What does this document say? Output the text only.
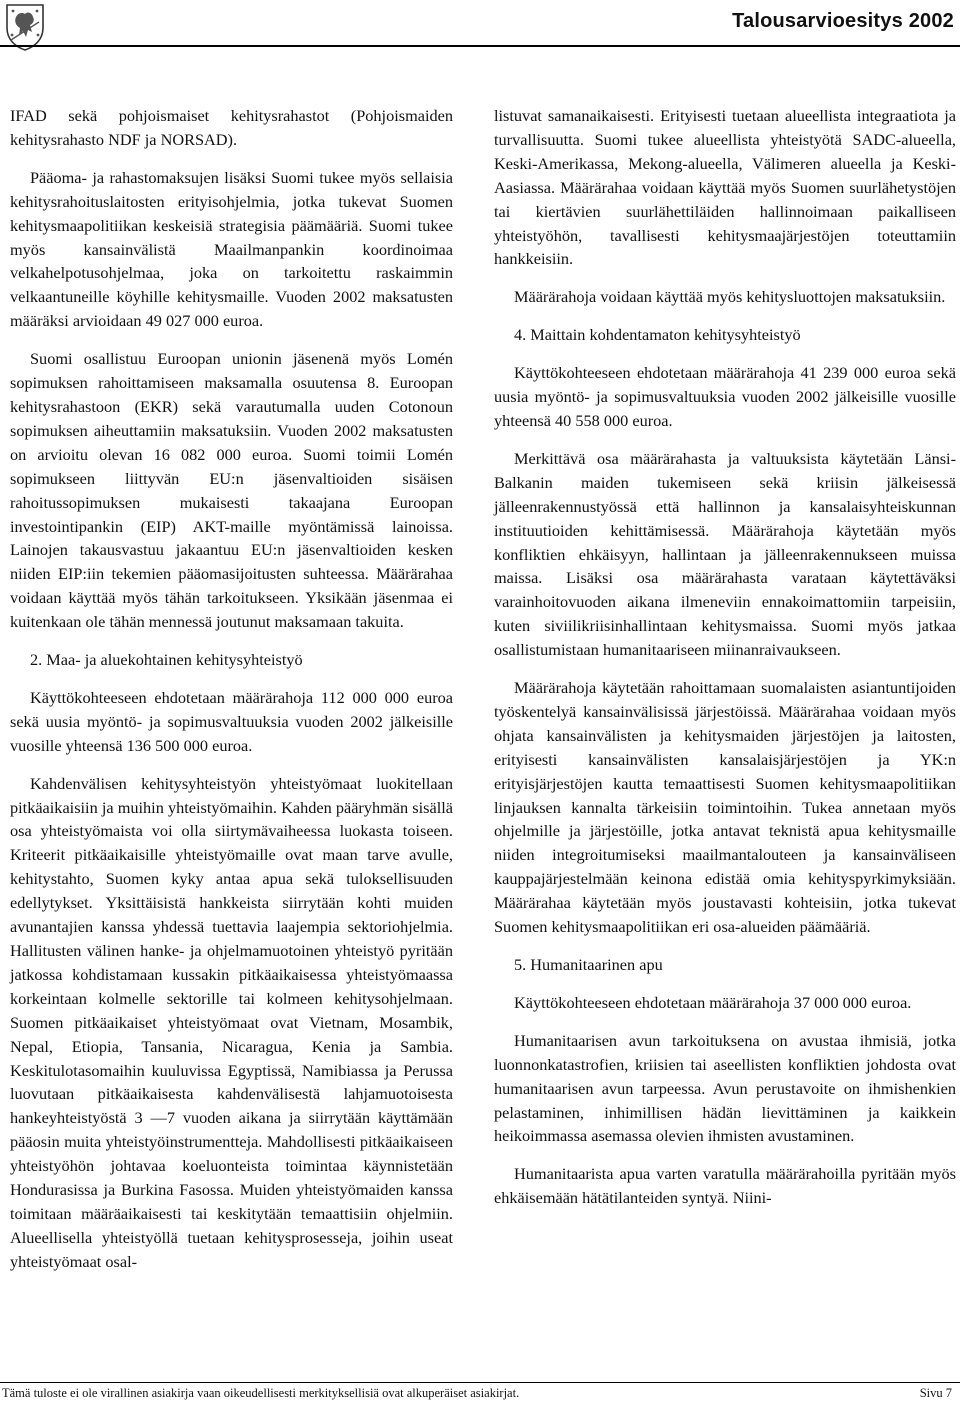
Talousarvioesitys 2002

IFAD sekä pohjoismaiset kehitysrahastot (Pohjoismaiden kehitysrahasto NDF ja NORSAD).

Pääoma- ja rahastomaksujen lisäksi Suomi tukee myös sellaisia kehitysrahoituslaitosten erityisohjelmia, jotka tukevat Suomen kehitysmaapolitiikan keskeisiä strategisia päämääriä. Suomi tukee myös kansainvälistä Maailmanpankin koordinoimaa velkahelpotusohjelmaa, joka on tarkoitettu raskaimmin velkaantuneille köyhille kehitysmaille. Vuoden 2002 maksatusten määräksi arvioidaan 49 027 000 euroa.

Suomi osallistuu Euroopan unionin jäsenenä myös Lomén sopimuksen rahoittamiseen maksamalla osuutensa 8. Euroopan kehitysrahastoon (EKR) sekä varautumalla uuden Cotonoun sopimuksen aiheuttamiin maksatuksiin. Vuoden 2002 maksatusten on arvioitu olevan 16 082 000 euroa. Suomi toimii Lomén sopimukseen liittyvän EU:n jäsenvaltioiden sisäisen rahoitussopimuksen mukaisesti takaajana Euroopan investointipankin (EIP) AKT-maille myöntämissä lainoissa. Lainojen takausvastuu jakaantuu EU:n jäsenvaltioiden kesken niiden EIP:iin tekemien pääomasijoitusten suhteessa. Määrärahaa voidaan käyttää myös tähän tarkoitukseen. Yksikään jäsenmaa ei kuitenkaan ole tähän mennessä joutunut maksamaan takuita.

2. Maa- ja aluekohtainen kehitysyhteistyö

Käyttökohteeseen ehdotetaan määrärahoja 112 000 000 euroa sekä uusia myöntö- ja sopimusvaltuuksia vuoden 2002 jälkeisille vuosille yhteensä 136 500 000 euroa.

Kahdenvälisen kehitysyhteistyön yhteistyömaat luokitellaan pitkäaikaisiin ja muihin yhteistyömaihin. Kahden pääryhmän sisällä osa yhteistyömaista voi olla siirtymävaiheessa luokasta toiseen. Kriteerit pitkäaikaisille yhteistyömaille ovat maan tarve avulle, kehitystahto, Suomen kyky antaa apua sekä tuloksellisuuden edellytykset. Yksittäisistä hankkeista siirrytään kohti muiden avunantajien kanssa yhdessä tuettavia laajempia sektoriohjelmia. Hallitusten välinen hanke- ja ohjelmamuotoinen yhteistyö pyritään jatkossa kohdistamaan kussakin pitkäaikaisessa yhteistyömaassa korkeintaan kolmelle sektorille tai kolmeen kehitysohjelmaan. Suomen pitkäaikaiset yhteistyömaat ovat Vietnam, Mosambik, Nepal, Etiopia, Tansania, Nicaragua, Kenia ja Sambia. Keskitulotasomaihin kuuluvissa Egyptissä, Namibiassa ja Perussa luovutaan pitkäaikaisesta kahdenvälisestä lahjamuotoisesta hankeyhteistyöstä 3 —7 vuoden aikana ja siirrytään käyttämään pääosin muita yhteistyöinstrumentteja. Mahdollisesti pitkäaikaiseen yhteistyöhön johtavaa koeluonteista toimintaa käynnistetään Hondurasissa ja Burkina Fasossa. Muiden yhteistyömaiden kanssa toimitaan määräaikaisesti tai keskitytään temaattisiin ohjelmiin. Alueellisella yhteistyöllä tuetaan kehitysprosesseja, joihin useat yhteistyömaat osal-

listuvat samanaikaisesti. Erityisesti tuetaan alueellista integraatiota ja turvallisuutta. Suomi tukee alueellista yhteistyötä SADC-alueella, Keski-Amerikassa, Mekong-alueella, Välimeren alueella ja Keski- Aasiassa. Määrärahaa voidaan käyttää myös Suomen suurlähetystöjen tai kiertävien suurlähettiläiden hallinnoimaan paikalliseen yhteistyöhön, tavallisesti kehitysmaajärjestöjen toteuttamiin hankkeisiin.

Määrärahoja voidaan käyttää myös kehitysluottojen maksatuksiin.

4. Maittain kohdentamaton kehitysyhteistyö

Käyttökohteeseen ehdotetaan määrärahoja 41 239 000 euroa sekä uusia myöntö- ja sopimusvaltuuksia vuoden 2002 jälkeisille vuosille yhteensä 40 558 000 euroa.

Merkittävä osa määrärahasta ja valtuuksista käytetään Länsi-Balkanin maiden tukemiseen sekä kriisin jälkeisessä jälleenrakennustyössä että hallinnon ja kansalaisyhteiskunnan instituutioiden kehittämisessä. Määrärahoja käytetään myös konfliktien ehkäisyyn, hallintaan ja jälleenrakennukseen muissa maissa. Lisäksi osa määrärahasta varataan käytettäväksi varainhoitovuoden aikana ilmeneviin ennakoimattomiin tarpeisiin, kuten siviilikriisinhallintaan kehitysmaissa. Suomi myös jatkaa osallistumistaan humanitaariseen miinanraivaukseen.

Määrärahoja käytetään rahoittamaan suomalaisten asiantuntijoiden työskentelyä kansainvälisissä järjestöissä. Määrärahaa voidaan myös ohjata kansainvälisten ja kehitysmaiden järjestöjen ja laitosten, erityisesti kansainvälisten kansalaisjärjestöjen ja YK:n erityisjärjestöjen kautta temaattisesti Suomen kehitysmaapolitiikan linjauksen kannalta tärkeisiin toimintoihin. Tukea annetaan myös ohjelmille ja järjestöille, jotka antavat teknistä apua kehitysmaille niiden integroitumiseksi maailmantalouteen ja kansainväliseen kauppajärjestelmään keinona edistää omia kehityspyrkimyksiään. Määrärahaa käytetään myös joustavasti kohteisiin, jotka tukevat Suomen kehitysmaapolitiikan eri osa-alueiden päämääriä.

5. Humanitaarinen apu

Käyttökohteeseen ehdotetaan määrärahoja 37 000 000 euroa.

Humanitaarisen avun tarkoituksena on avustaa ihmisiä, jotka luonnonkatastrofien, kriisien tai aseellisten konfliktien johdosta ovat humanitaarisen avun tarpeessa. Avun perustavoite on ihmishenkien pelastaminen, inhimillisen hädän lievittäminen ja kaikkein heikoimmassa asemassa olevien ihmisten avustaminen.

Humanitaarista apua varten varatulla määrärahoilla pyritään myös ehkäisemään hätätilanteiden syntyä. Niini-

Tämä tuloste ei ole virallinen asiakirja vaan oikeudellisesti merkityksellisiä ovat alkuperäiset asiakirjat.	Sivu 7
